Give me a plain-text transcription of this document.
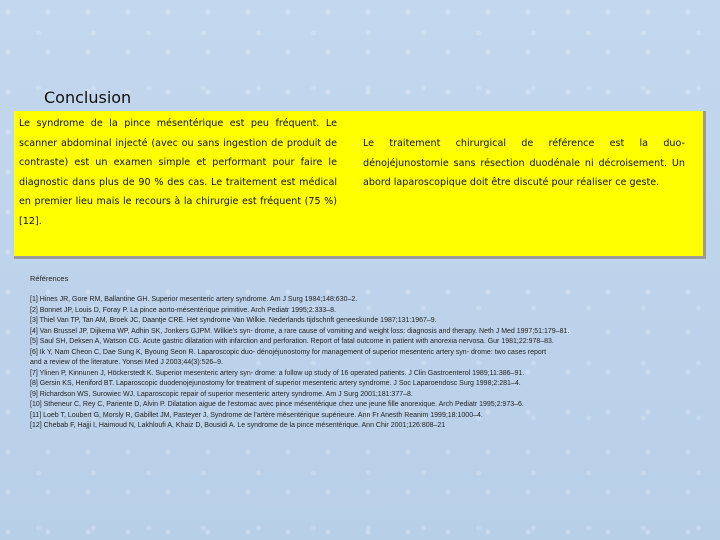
Conclusion
Le syndrome de la pince mésentérique est peu fréquent. Le scanner abdominal injecté (avec ou sans ingestion de produit de contraste) est un examen simple et performant pour faire le diagnostic dans plus de 90 % des cas. Le traitement est médical en premier lieu mais le recours à la chirurgie est fréquent (75 %) [12].
Le traitement chirurgical de référence est la duo-dénojéjunostomie sans résection duodénale ni décroisement. Un abord laparoscopique doit être discuté pour réaliser ce geste.
Références
[1] Hines JR, Gore RM, Ballantine GH. Superior mesenteric artery syndrome. Am J Surg 1984;148:630–2.
[2] Bonnet JP, Louis D, Foray P. La pince aorto-mésentérique primitive. Arch Pediatr 1995;2:333–8.
[3] Thiel Van TP, Tan AM, Broek JC, Daantje CRE. Het syndrome Van Wilkie. Nederlands tijdschrift geneeskunde 1987;131:1967–9.
[4] Van Brussel JP, Dijkema WP, Adhin SK, Jonkers GJPM. Wilkie's syn- drome, a rare cause of vomiting and weight loss: diagnosis and therapy. Neth J Med 1997;51:179–81.
[5] Saul SH, Deksen A, Watson CG. Acute gastric dilatation with infarction and perforation. Report of fatal outcome in patient with anorexia nervosa. Gur 1981;22:978–83.
[6] Ik Y, Nam Cheon C, Dae Sung K, Byoung Seon R. Laparoscopic duo- dénojéjunostomy for management of superior mesenteric artery syn- drome: two cases report
and a review of the literature. Yonsei Med J 2003;44(3):526–9.
[7] Ylinen P, Kinnunen J, Höckerstedt K. Superior mesenteric artery syn- drome: a follow up study of 16 operated patients. J Clin Gastroenterol 1989;11:386–91.
[8] Gersin KS, Heniford BT. Laparoscopic duodenojejunostomy for treatment of superior mesenteric artery syndrome. J Soc Laparoendosc Surg 1998;2:281–4.
[9] Richardson WS, Surowiec WJ. Laparoscopic repair of superior mesenteric artery syndrome. Am J Surg 2001;181:377–8.
[10] Stheneur C, Rey C, Pariente D, Alvin P. Dilatation aigue de l'estomac avec pince mésentérique chez une jeune fille anorexique. Arch Pediatr 1995;2:973–6.
[11] Loeb T, Loubert G, Morsly R, Gabillet JM, Pasteyer J. Syndrome de l'artère mésentérique supérieure. Ann Fr Anesth Reanim 1999;18:1000–4.
[12] Chebab F, Hajji I, Haimoud N, Lakhloufi A, Khaiz D, Bousidi A. Le syndrome de la pince mésentérique. Ann Chir 2001;126:808–21
